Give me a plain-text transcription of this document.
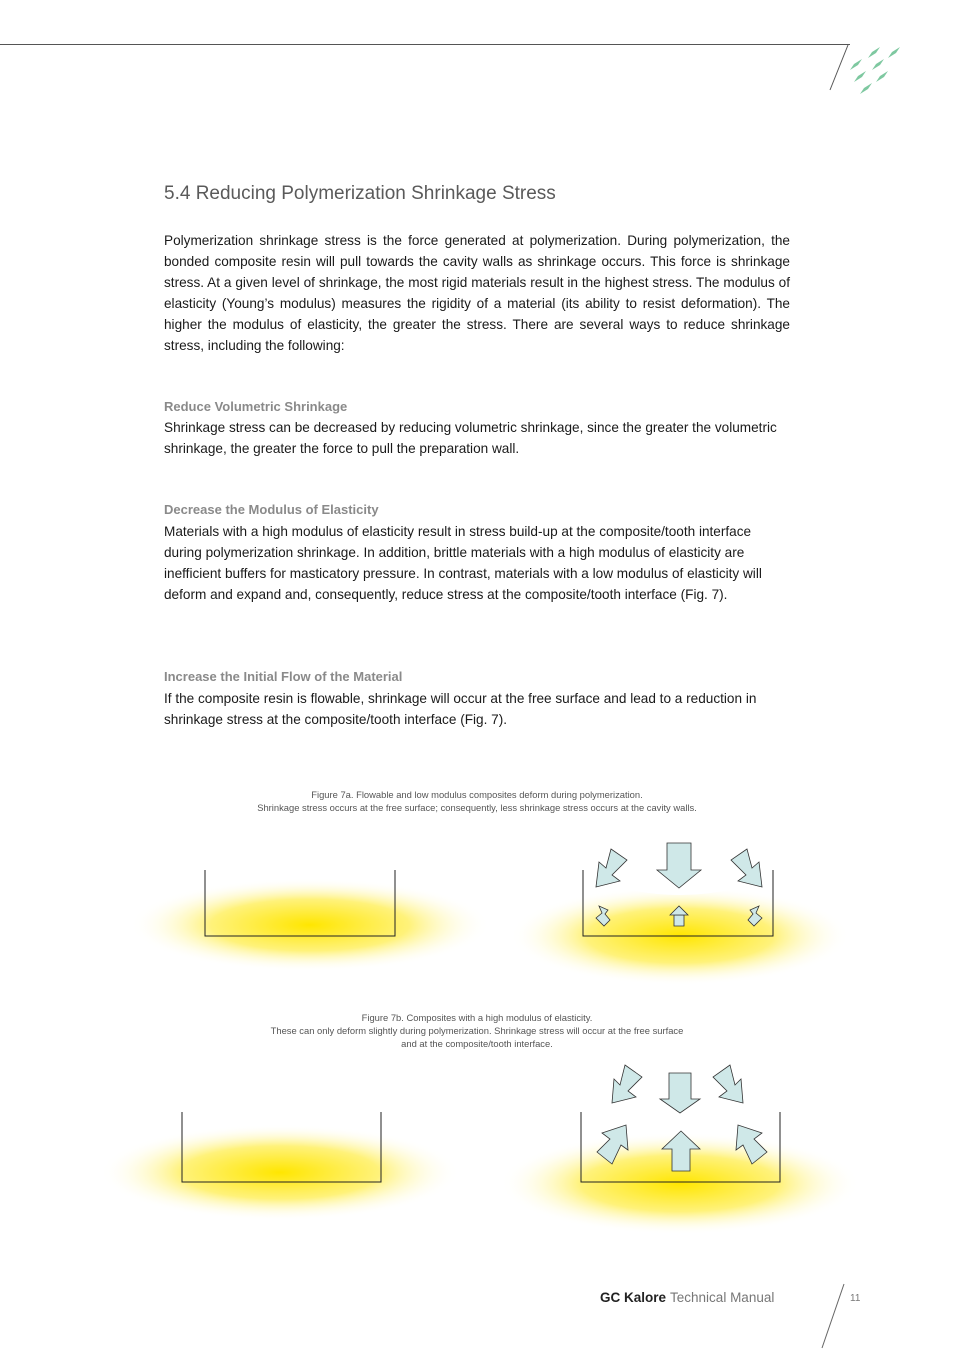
5.4 Reducing Polymerization Shrinkage Stress
Polymerization shrinkage stress is the force generated at polymerization. During polymerization, the bonded composite resin will pull towards the cavity walls as shrinkage occurs. This force is shrinkage stress. At a given level of shrinkage, the most rigid materials result in the highest stress. The modulus of elasticity (Young’s modulus) measures the rigidity of a material (its ability to resist deformation). The higher the modulus of elasticity, the greater the stress. There are several ways to reduce shrinkage stress, including the following:
Reduce Volumetric Shrinkage
Shrinkage stress can be decreased by reducing volumetric shrinkage, since the greater the volumetric shrinkage, the greater the force to pull the preparation wall.
Decrease the Modulus of Elasticity
Materials with a high modulus of elasticity result in stress build-up at the composite/tooth interface during polymerization shrinkage. In addition, brittle materials with a high modulus of elasticity are inefficient buffers for masticatory pressure. In contrast, materials with a low modulus of elasticity will deform and expand and, consequently, reduce stress at the composite/tooth interface (Fig. 7).
Increase the Initial Flow of the Material
If the composite resin is flowable, shrinkage will occur at the free surface and lead to a reduction in shrinkage stress at the composite/tooth interface (Fig. 7).
Figure 7a. Flowable and low modulus composites deform during polymerization.
Shrinkage stress occurs at the free surface; consequently, less shrinkage stress occurs at the cavity walls.
Figure 7b. Composites with a high modulus of elasticity.
These can only deform slightly during polymerization. Shrinkage stress will occur at the free surface
and at the composite/tooth interface.
GC Kalore Technical Manual	11
